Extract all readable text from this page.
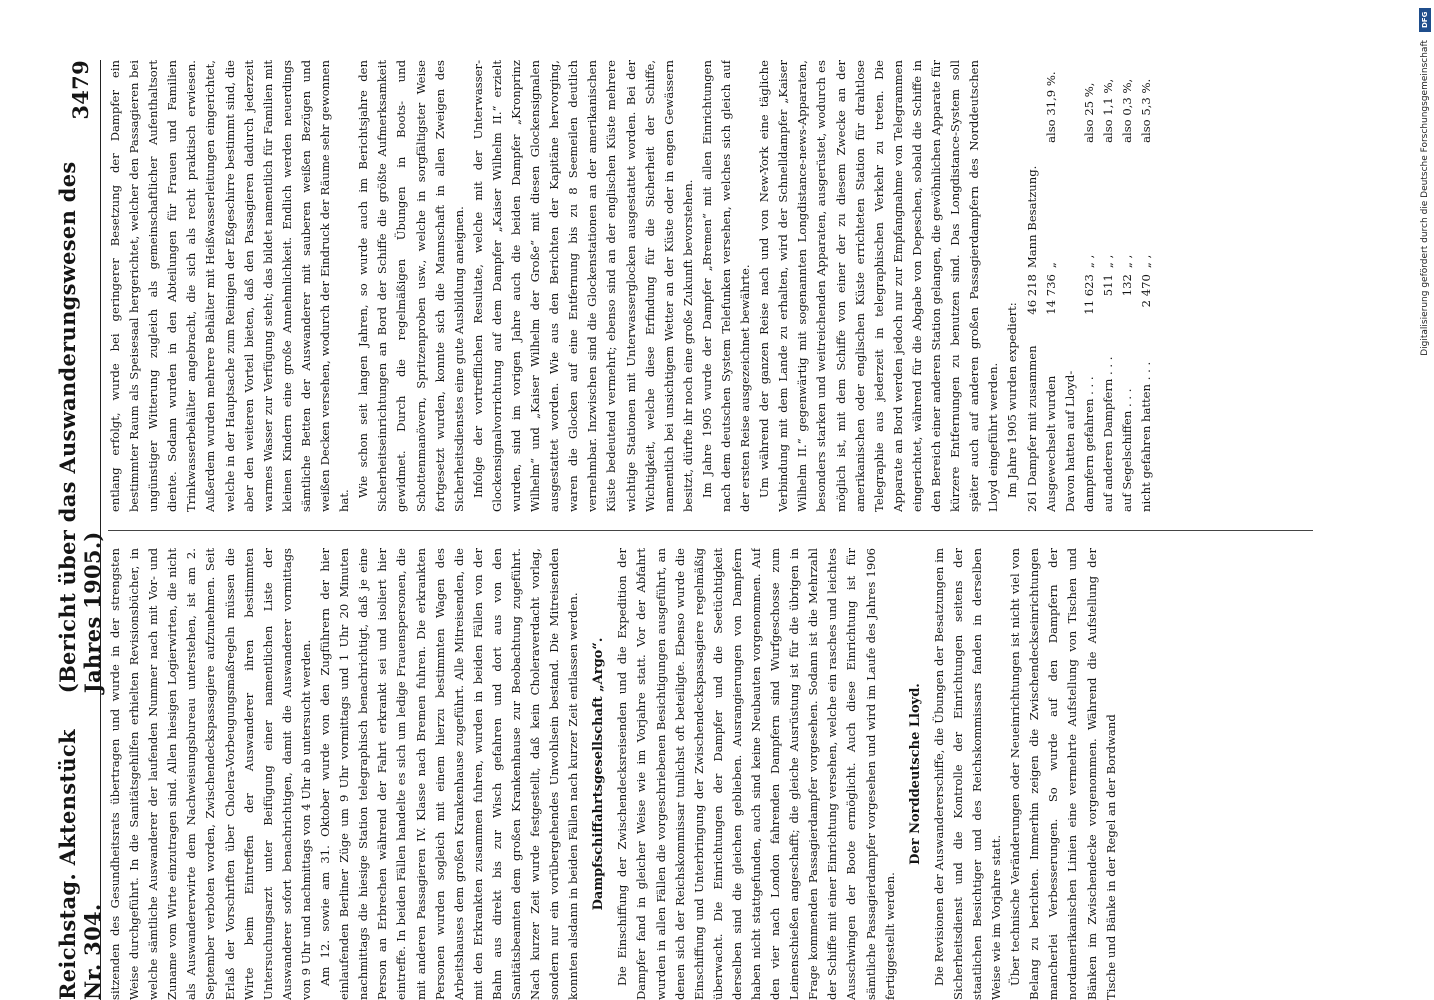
Reichstag. Aktenstück Nr. 304.
(Bericht über das Auswanderungswesen des Jahres 1905.)
3479

sitzenden des Gesundheitsrats übertragen und wurde in der strengsten Weise durchgeführt. In die Sanitätsgehilfen erhielten Revisionsbücher, in welche sämtliche Auswanderer der laufenden Nummer nach mit Vor- und Zuname vom Wirte einzutragen sind. Allen hiesigen Logierwirten, die nicht als Auswandererwirte dem Nachweisungsbureau unterstehen, ist am 2. September verboten worden, Zwischendeckspassagiere aufzunehmen. Seit Erlaß der Vorschriften über Cholera-Vorbeugungsmaßregeln müssen die Wirte beim Eintreffen der Auswanderer ihren bestimmten Untersuchungsarzt unter Beifügung einer namentlichen Liste der Auswanderer sofort benachrichtigen, damit die Auswanderer vormittags von 9 Uhr und nachmittags von 4 Uhr ab untersucht werden. Am 12. sowie am 31. Oktober wurde von den Zugführern der hier einlaufenden Berliner Züge um 9 Uhr vormittags und 1 Uhr 20 Minuten nachmittags die hiesige Station telegraphisch benachrichtigt, daß je eine Person an Erbrechen während der Fahrt erkrankt sei und isoliert hier eintreffe. In beiden Fällen handelte es sich um ledige Frauenspersonen, die mit anderen Passagieren IV. Klasse nach Bremen fuhren. Die erkrankten Personen wurden sogleich mit einem hierzu bestimmten Wagen des Arbeitshauses dem großen Krankenhause zugeführt. Alle Mitreisenden, die mit den Erkrankten zusammen fuhren, wurden in beiden Fällen von der Bahn aus direkt bis zur Wisch gefahren und dort aus von den Sanitätsbeamten dem großen Krankenhause zur Beobachtung zugeführt. Nach kurzer Zeit wurde festgestellt, daß kein Choleraverdacht vorlag, sondern nur ein vorübergehendes Unwohlsein bestand. Die Mitreisenden konnten alsdann in beiden Fällen nach kurzer Zeit entlassen werden. Dampfschiffahrtsgesellschaft „Argo“. Die Einschiffung der Zwischendecksreisenden und die Expedition der Dampfer fand in gleicher Weise wie im Vorjahre statt. Vor der Abfahrt wurden in allen Fällen die vorgeschriebenen Besichtigungen ausgeführt, an denen sich der Reichskommissar tunlichst oft beteiligte. Ebenso wurde die Einschiffung und Unterbringung der Zwischendeckspassagiere regelmäßig überwacht. Die Einrichtungen der Dampfer und die Seetüchtigkeit derselben sind die gleichen geblieben. Ausrangierungen von Dampfern haben nicht stattgefunden, auch sind keine Neubauten vorgenommen. Auf den vier nach London fahrenden Dampfern sind Wurfgeschosse zum Leinenschießen angeschafft; die gleiche Ausrüstung ist für die übrigen in Frage kommenden Passagierdampfer vorgesehen. Sodann ist die Mehrzahl der Schiffe mit einer Einrichtung versehen, welche ein rasches und leichtes Ausschwingen der Boote ermöglicht. Auch diese Einrichtung ist für sämtliche Passagierdampfer vorgesehen und wird im Laufe des Jahres 1906 fertiggestellt werden.

Der Norddeutsche Lloyd. Die Revisionen der Auswandererschiffe, die Übungen der Besatzungen im Sicherheitsdienst und die Kontrolle der Einrichtungen seitens der staatlichen Besichtiger und des Reichskommissars fanden in derselben Weise wie im Vorjahre statt. Über technische Veränderungen oder Neueinrichtungen ist nicht viel von Belang zu berichten. Immerhin zeigen die Zwischendeckseinrichtungen mancherlei Verbesserungen. So wurde auf den Dampfern der nordamerikanischen Linien eine vermehrte Aufstellung von Tischen und Bänken im Zwischendecke vorgenommen. Während die Aufstellung der Tische und Bänke in der Regel an der Bordwand

entlang erfolgt, wurde bei geringerer Besetzung der Dampfer ein bestimmter Raum als Speisesaal hergerichtet, welcher den Passagieren bei ungünstiger Witterung zugleich als gemeinschaftlicher Aufenthaltsort diente. Sodann wurden in den Abteilungen für Frauen und Familien Trinkwasserbehälter angebracht, die sich als recht praktisch erwiesen. Außerdem wurden mehrere Behälter mit Heißwasserleitungen eingerichtet, welche in der Hauptsache zum Reinigen der Eßgeschirre bestimmt sind, die aber den weiteren Vorteil bieten, daß den Passagieren dadurch jederzeit warmes Wasser zur Verfügung steht; das bildet namentlich für Familien mit kleinen Kindern eine große Annehmlichkeit. Endlich werden neuerdings sämtliche Betten der Auswanderer mit sauberen weißen Bezügen und weißen Decken versehen, wodurch der Eindruck der Räume sehr gewonnen hat.

Wie schon seit langen Jahren, so wurde auch im Berichtsjahre den Sicherheitseinrichtungen an Bord der Schiffe die größte Aufmerksamkeit gewidmet. Durch die regelmäßigen Übungen in Boots- und Schottenmanövern, Spritzenproben usw., welche in sorgfältigster Weise fortgesetzt wurden, konnte sich die Mannschaft in allen Zweigen des Sicherheitsdienstes eine gute Ausbildung aneignen. Infolge der vortrefflichen Resultate, welche mit der Unterwasser-Glockensignalvorrichtung auf dem Dampfer „Kaiser Wilhelm II.“ erzielt wurden, sind im vorigen Jahre auch die beiden Dampfer „Kronprinz Wilhelm“ und „Kaiser Wilhelm der Große“ mit diesen Glockensignalen ausgestattet worden. Wie aus den Berichten der Kapitäne hervorging, waren die Glocken auf eine Entfernung bis zu 8 Seemeilen deutlich vernehmbar. Inzwischen sind die Glockenstationen an der amerikanischen Küste bedeutend vermehrt; ebenso sind an der englischen Küste mehrere wichtige Stationen mit Unterwasserglocken ausgestattet worden. Bei der Wichtigkeit, welche diese Erfindung für die Sicherheit der Schiffe, namentlich bei unsichtigem Wetter an der Küste oder in engen Gewässern besitzt, dürfte ihr noch eine große Zukunft bevorstehen. Im Jahre 1905 wurde der Dampfer „Bremen“ mit allen Einrichtungen nach dem deutschen System Telefunken versehen, welches sich gleich auf der ersten Reise ausgezeichnet bewährte. Um während der ganzen Reise nach und von New-York eine tägliche Verbindung mit dem Lande zu erhalten, wird der Schnelldampfer „Kaiser Wilhelm II.“ gegenwärtig mit sogenannten Longdistance-news-Apparaten, besonders starken und weitreichenden Apparaten, ausgerüstet, wodurch es möglich ist, mit dem Schiffe von einer der zu diesem Zwecke an der amerikanischen oder englischen Küste errichteten Station für drahtlose Telegraphie aus jederzeit in telegraphischen Verkehr zu treten. Die Apparate an Bord werden jedoch nur zur Empfangnahme von Telegrammen eingerichtet, während für die Abgabe von Depeschen, sobald die Schiffe in den Bereich einer anderen Station gelangen, die gewöhnlichen Apparate für kürzere Entfernungen zu benutzen sind. Das Longdistance-System soll später auch auf anderen großen Passagierdampfern des Norddeutschen Lloyd eingeführt werden. Im Jahre 1905 wurden expediert: 261 Dampfer mit zusammen	46 218	Mann Besatzung.	
Ausgewechselt wurden	14 736	„	also 31,9 %.
Davon hatten auf Lloyd-			
dampfern gefahren . . .	11 623	„ ,	also 25 %,
auf anderen Dampfern . . .	511	„ ,	also 1,1 %,
auf Segelschiffen . . .	132	„ ,	also 0,3 %,
nicht gefahren hatten . . .	2 470	„ ,	also 5,3 %.
DFG
Digitalisierung gefördert durch die Deutsche Forschungsgemeinschaft
